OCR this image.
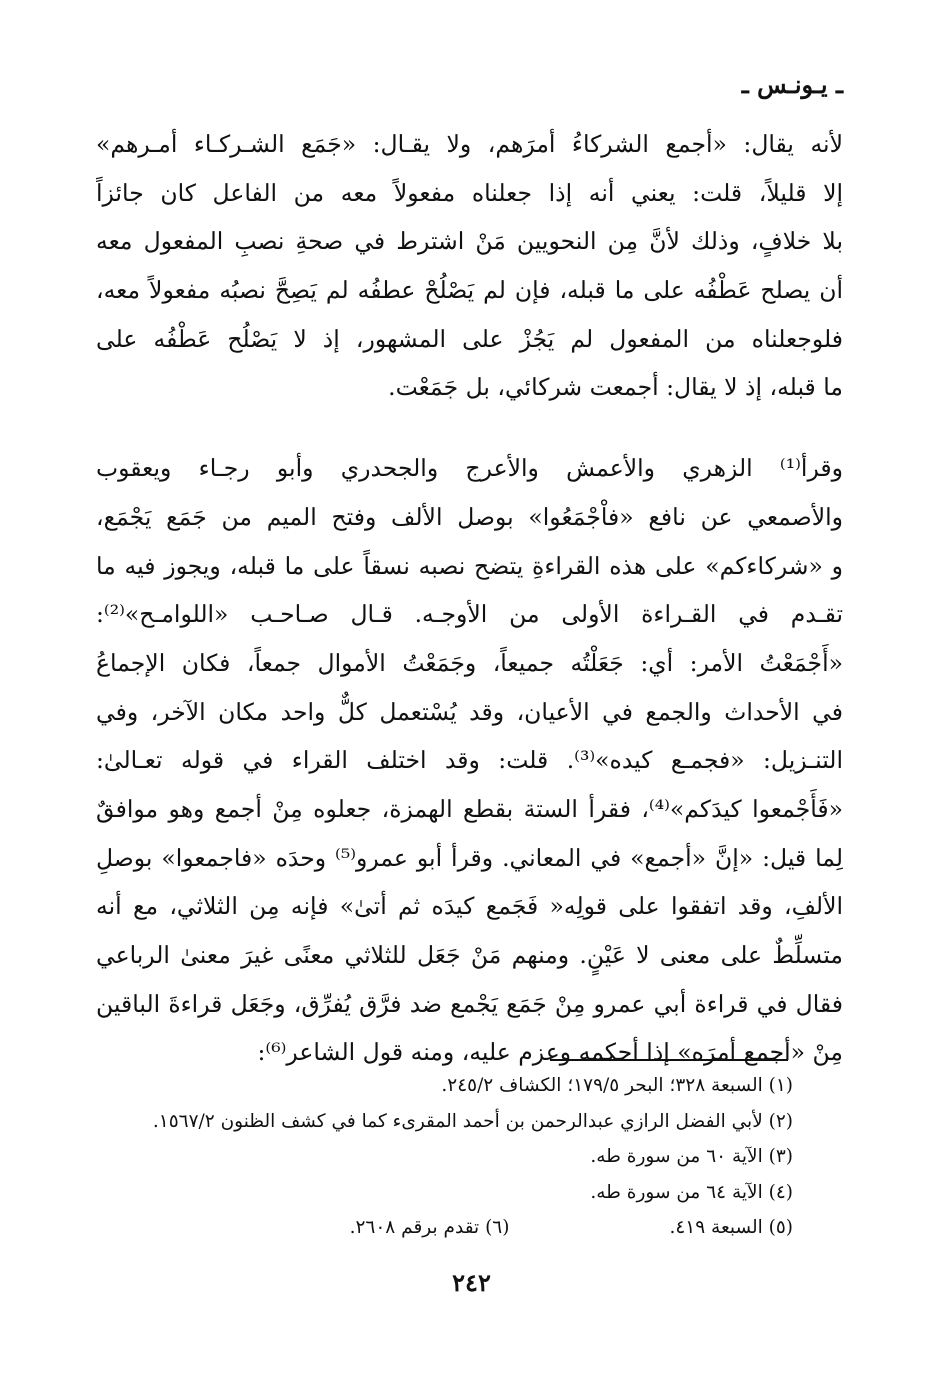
ـ يـونـس ـ
لأنه يقال: «أجمع الشركاءُ أمرَهم، ولا يقـال: «جَمَع الشـركـاء أمـرهم»
إلا قليلاً، قلت: يعني أنه إذا جعلناه مفعولاً معه من الفاعل كان جائزاً
بلا خلافٍ، وذلك لأنَّ مِن النحويين مَنْ اشترط في صحةِ نصبِ المفعول معه
أن يصلح عَطْفُه على ما قبله، فإن لم يَصْلُحْ عطفُه لم يَصِحَّ نصبُه مفعولاً معه،
فلوجعلناه من المفعول لم يَجُزْ على المشهور، إذ لا يَصْلُح عَطْفُه على
ما قبله، إذ لا يقال: أجمعت شركائي، بل جَمَعْت.
وقرأ⁽¹⁾ الزهري والأعمش والأعرج والجحدري وأبو رجـاء ويعقوب
والأصمعي عن نافع «فاْجْمَعُوا» بوصل الألف وفتح الميم من جَمَع يَجْمَع،
و «شركاءكم» على هذه القراءةِ يتضح نصبه نسقاً على ما قبله، ويجوز فيه ما
تقـدم في القـراءة الأولى من الأوجـه. قـال صـاحـب «اللوامـح»⁽²⁾:
«أَجْمَعْتُ الأمر: أي: جَعَلْتُه جميعاً، وجَمَعْتُ الأموال جمعاً، فكان الإجماعُ
في الأحداث والجمع في الأعيان، وقد يُسْتعمل كلٌّ واحد مكان الآخر، وفي
التنـزيل: «فجمـع كيده»⁽³⁾. قلت: وقد اختلف القراء في قوله تعـالىٰ:
«فَأَجْمعوا كيدَكم»⁽⁴⁾، فقرأ الستة بقطع الهمزة، جعلوه مِنْ أجمع وهو موافقٌ
لِما قيل: «إنَّ «أجمع» في المعاني. وقرأ أبو عمرو⁽⁵⁾ وحدَه «فاجمعوا» بوصلِ
الألفِ، وقد اتفقوا على قولِه« فَجَمع كيدَه ثم أتىٰ» فإنه مِن الثلاثي، مع أنه
متسلِّطٌ على معنى لا عَيْنٍ. ومنهم مَنْ جَعَل للثلاثي معنًى غيرَ معنىٰ الرباعي
فقال في قراءة أبي عمرو مِنْ جَمَع يَجْمع ضد فرَّق يُفرِّق، وجَعَل قراءةَ الباقين
مِنْ «أجمع أمرَه» إذا أحكمه وعزم عليه، ومنه قول الشاعر⁽⁶⁾:
(١) السبعة ٣٢٨؛ البحر ١٧٩/٥؛ الكشاف ٢٤٥/٢.
(٢) لأبي الفضل الرازي عبدالرحمن بن أحمد المقرىء كما في كشف الظنون ١٥٦٧/٢.
(٣) الآية ٦٠ من سورة طه.
(٤) الآية ٦٤ من سورة طه.
(٥) السبعة ٤١٩.
(٦) تقدم برقم ٢٦٠٨.
٢٤٢
